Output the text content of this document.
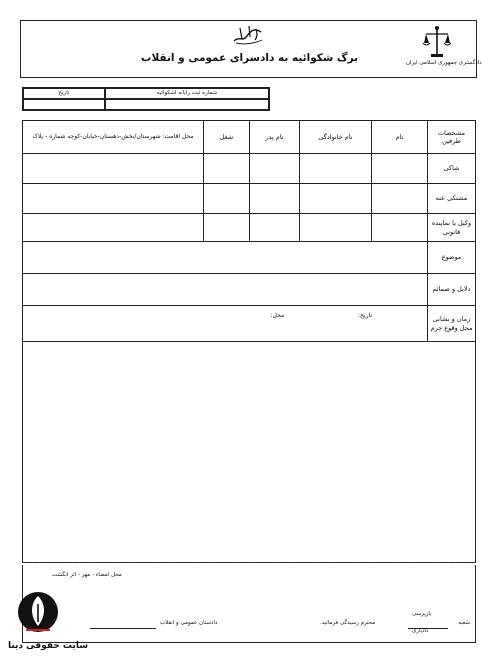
برگ شکوائیه به دادسرای عمومی و انقلاب	دادگستری جمهوری اسلامی ایران
تاریخ	شماره ثبت رایانه اشکوائیه
مشخصات طرفین	نام	نام خانوادگی	نام پدر	شغل	محل اقامت: شهرستان/بخش-دهستان-خیابان-کوچه شماره - پلاک
شاکی					
مشتکی عنه					
وکیل یا نماینده قانونی					
موضوع					
دلایل و ضمائم					
زمان و نشانی محل وقوع جرم	تاریخ:  محل:				
محل امضاء - مهر - اثر انگشت
شعبه
بازپرسی
دادیاری
محترم رسیدگی فرمائید.
دادستان عمومی و انقلاب
سایت حقوقی دینا
